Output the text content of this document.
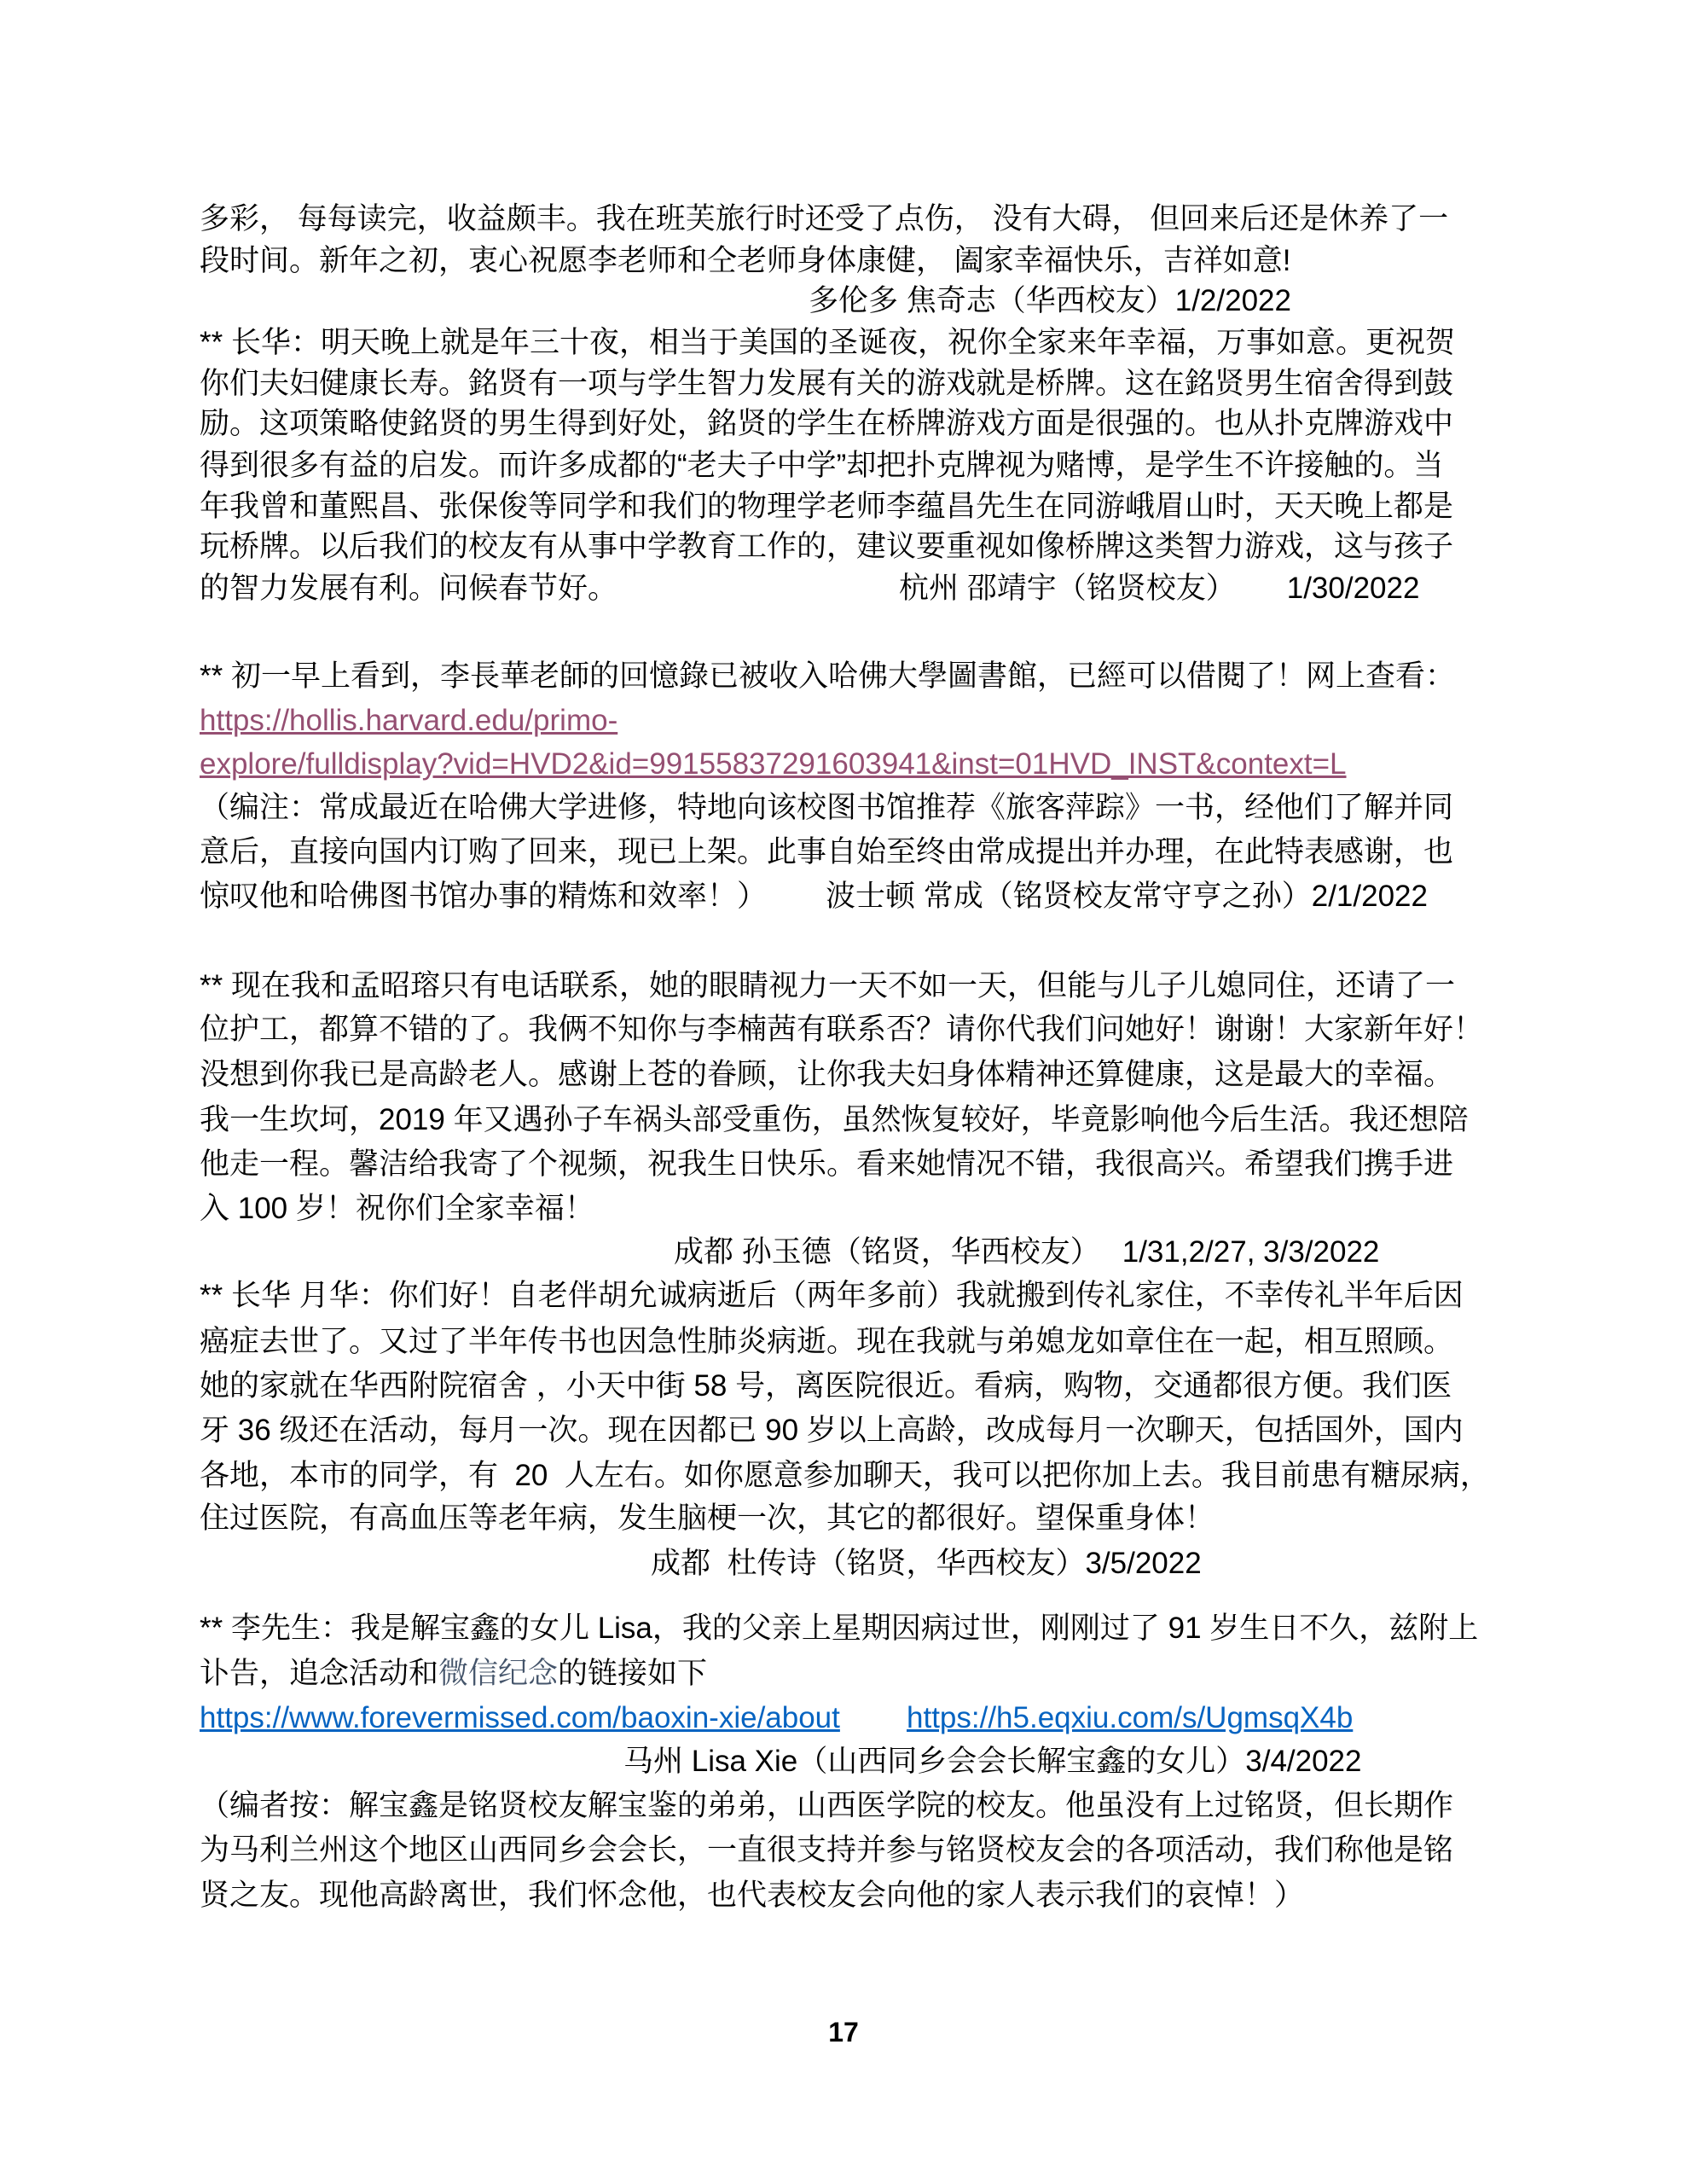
多彩， 每每读完，收益颇丰。我在班芙旅行时还受了点伤， 没有大碍， 但回来后还是休养了一
段时间。新年之初，衷心祝愿李老师和仝老师身体康健， 阖家幸福快乐，吉祥如意!
多伦多 焦奇志（华西校友）1/2/2022
** 长华：明天晚上就是年三十夜，相当于美国的圣诞夜，祝你全家来年幸福，万事如意。更祝贺
你们夫妇健康长寿。銘贤有一项与学生智力发展有关的游戏就是桥牌。这在銘贤男生宿舍得到鼓
励。这项策略使銘贤的男生得到好处，銘贤的学生在桥牌游戏方面是很强的。也从扑克牌游戏中
得到很多有益的启发。而许多成都的“老夫子中学”却把扑克牌视为赌博，是学生不许接触的。当
年我曾和董熙昌、张保俊等同学和我们的物理学老师李蕴昌先生在同游峨眉山时，天天晚上都是
玩桥牌。以后我们的校友有从事中学教育工作的，建议要重视如像桥牌这类智力游戏，这与孩子
的智力发展有利。问候春节好。	杭州 邵靖宇（铭贤校友） 1/30/2022
** 初一早上看到，李長華老師的回憶錄已被收入哈佛大學圖書館，已經可以借閱了！网上查看：
https://hollis.harvard.edu/primo-
explore/fulldisplay?vid=HVD2&id=99155837291603941&inst=01HVD_INST&context=L
（编注：常成最近在哈佛大学进修，特地向该校图书馆推荐《旅客萍踪》一书，经他们了解并同
意后，直接向国内订购了回来，现已上架。此事自始至终由常成提出并办理，在此特表感谢，也
惊叹他和哈佛图书馆办事的精炼和效率！）	波士顿 常成（铭贤校友常守亨之孙）2/1/2022
** 现在我和孟昭瑢只有电话联系，她的眼睛视力一天不如一天，但能与儿子儿媳同住，还请了一
位护工，都算不错的了。我俩不知你与李楠茜有联系否？请你代我们问她好！谢谢！大家新年好！
没想到你我已是高龄老人。感谢上苍的眷顾，让你我夫妇身体精神还算健康，这是最大的幸福。
我一生坎坷，2019 年又遇孙子车祸头部受重伤，虽然恢复较好，毕竟影响他今后生活。我还想陪
他走一程。馨洁给我寄了个视频，祝我生日快乐。看来她情况不错，我很高兴。希望我们携手进
入 100 岁！祝你们全家幸福！
成都 孙玉德（铭贤，华西校友） 1/31,2/27, 3/3/2022
** 长华 月华：你们好！自老伴胡允诚病逝后（两年多前）我就搬到传礼家住，不幸传礼半年后因
癌症去世了。又过了半年传书也因急性肺炎病逝。现在我就与弟媳龙如章住在一起，相互照顾。
她的家就在华西附院宿舍 ，小天中街 58 号，离医院很近。看病，购物，交通都很方便。我们医
牙 36 级还在活动，每月一次。现在因都已 90 岁以上高龄，改成每月一次聊天，包括国外，国内
各地，本市的同学，有  20  人左右。如你愿意参加聊天，我可以把你加上去。我目前患有糖尿病，
住过医院，有高血压等老年病，发生脑梗一次，其它的都很好。望保重身体！
成都  杜传诗（铭贤，华西校友）3/5/2022
** 李先生：我是解宝鑫的女儿 Lisa，我的父亲上星期因病过世，刚刚过了 91 岁生日不久，兹附上
讣告，追念活动和微信纪念的链接如下
https://www.forevermissed.com/baoxin-xie/about	https://h5.eqxiu.com/s/UgmsqX4b
马州 Lisa Xie（山西同乡会会长解宝鑫的女儿）3/4/2022
（编者按：解宝鑫是铭贤校友解宝鉴的弟弟，山西医学院的校友。他虽没有上过铭贤，但长期作
为马利兰州这个地区山西同乡会会长，一直很支持并参与铭贤校友会的各项活动，我们称他是铭
贤之友。现他高龄离世，我们怀念他，也代表校友会向他的家人表示我们的哀悼！）
17
